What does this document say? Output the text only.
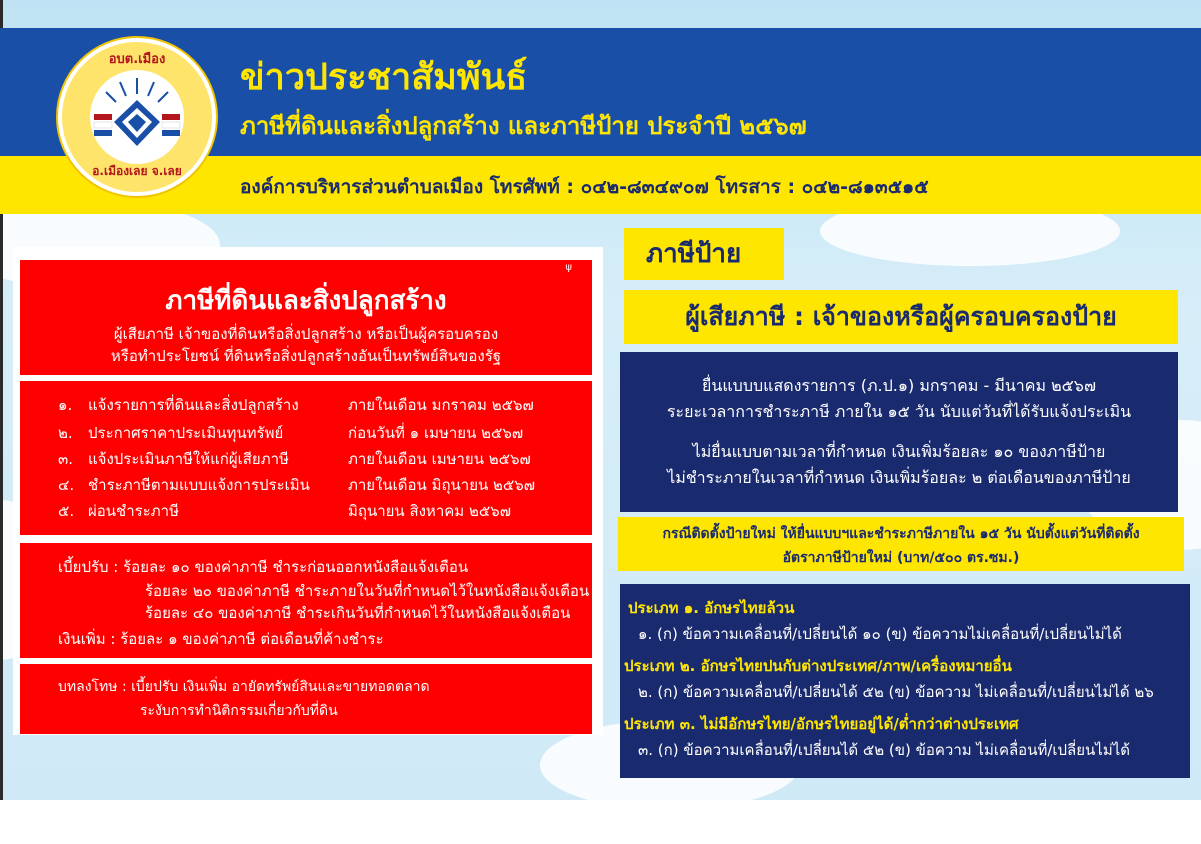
อบต.เมือง
อ.เมืองเลย จ.เลย
ข่าวประชาสัมพันธ์
ภาษีที่ดินและสิ่งปลูกสร้าง และภาษีป้าย ประจำปี ๒๕๖๗
องค์การบริหารส่วนตำบลเมือง โทรศัพท์ : ๐๔๒-๘๓๔๙๐๗ โทรสาร : ๐๔๒-๘๑๓๕๑๕
ψ
ภาษีที่ดินและสิ่งปลูกสร้าง
ผู้เสียภาษี เจ้าของที่ดินหรือสิ่งปลูกสร้าง หรือเป็นผู้ครอบครอง
หรือทำประโยชน์ ที่ดินหรือสิ่งปลูกสร้างอันเป็นทรัพย์สินของรัฐ
๑.	แจ้งรายการที่ดินและสิ่งปลูกสร้าง	ภายในเดือน มกราคม ๒๕๖๗
๒.	ประกาศราคาประเมินทุนทรัพย์	ก่อนวันที่ ๑ เมษายน ๒๕๖๗
๓. แจ้งประเมินภาษีให้แก่ผู้เสียภาษี	ภายในเดือน เมษายน ๒๕๖๗
๔. ชำระภาษีตามแบบแจ้งการประเมิน	ภายในเดือน มิถุนายน ๒๕๖๗
๕. ผ่อนชำระภาษี	มิถุนายน สิงหาคม ๒๕๖๗
เบี้ยปรับ : ร้อยละ ๑๐ ของค่าภาษี ชำระก่อนออกหนังสือแจ้งเตือน
ร้อยละ ๒๐ ของค่าภาษี ชำระภายในวันที่กำหนดไว้ในหนังสือแจ้งเตือน
ร้อยละ ๔๐ ของค่าภาษี ชำระเกินวันที่กำหนดไว้ในหนังสือแจ้งเตือน
เงินเพิ่ม : ร้อยละ ๑ ของค่าภาษี ต่อเดือนที่ค้างชำระ
บทลงโทษ : เบี้ยปรับ เงินเพิ่ม อายัดทรัพย์สินและขายทอดตลาด
ระงับการทำนิติกรรมเกี่ยวกับที่ดิน
ภาษีป้าย
ผู้เสียภาษี : เจ้าของหรือผู้ครอบครองป้าย
ยื่นแบบบแสดงรายการ (ภ.ป.๑) มกราคม - มีนาคม ๒๕๖๗
ระยะเวลาการชำระภาษี ภายใน ๑๕ วัน นับแต่วันที่ได้รับแจ้งประเมิน
ไม่ยื่นแบบตามเวลาที่กำหนด เงินเพิ่มร้อยละ ๑๐ ของภาษีป้าย
ไม่ชำระภายในเวลาที่กำหนด เงินเพิ่มร้อยละ ๒ ต่อเดือนของภาษีป้าย
กรณีติดตั้งป้ายใหม่ ให้ยื่นแบบฯและชำระภาษีภายใน ๑๕ วัน นับตั้งแต่วันที่ติดตั้ง
อัตราภาษีป้ายใหม่ (บาท/๕๐๐ ตร.ซม.)
ประเภท ๑. อักษรไทยล้วน
๑. (ก) ข้อความเคลื่อนที่/เปลี่ยนได้ ๑๐ (ข) ข้อความไม่เคลื่อนที่/เปลี่ยนไม่ได้
ประเภท ๒. อักษรไทยปนกับต่างประเทศ/ภาพ/เครื่องหมายอื่น
๒. (ก) ข้อความเคลื่อนที่/เปลี่ยนได้ ๕๒ (ข) ข้อความ ไม่เคลื่อนที่/เปลี่ยนไม่ได้ ๒๖
ประเภท ๓. ไม่มีอักษรไทย/อักษรไทยอยู่ได้/ต่ำกว่าต่างประเทศ
๓. (ก) ข้อความเคลื่อนที่/เปลี่ยนได้ ๕๒ (ข) ข้อความ ไม่เคลื่อนที่/เปลี่ยนไม่ได้
